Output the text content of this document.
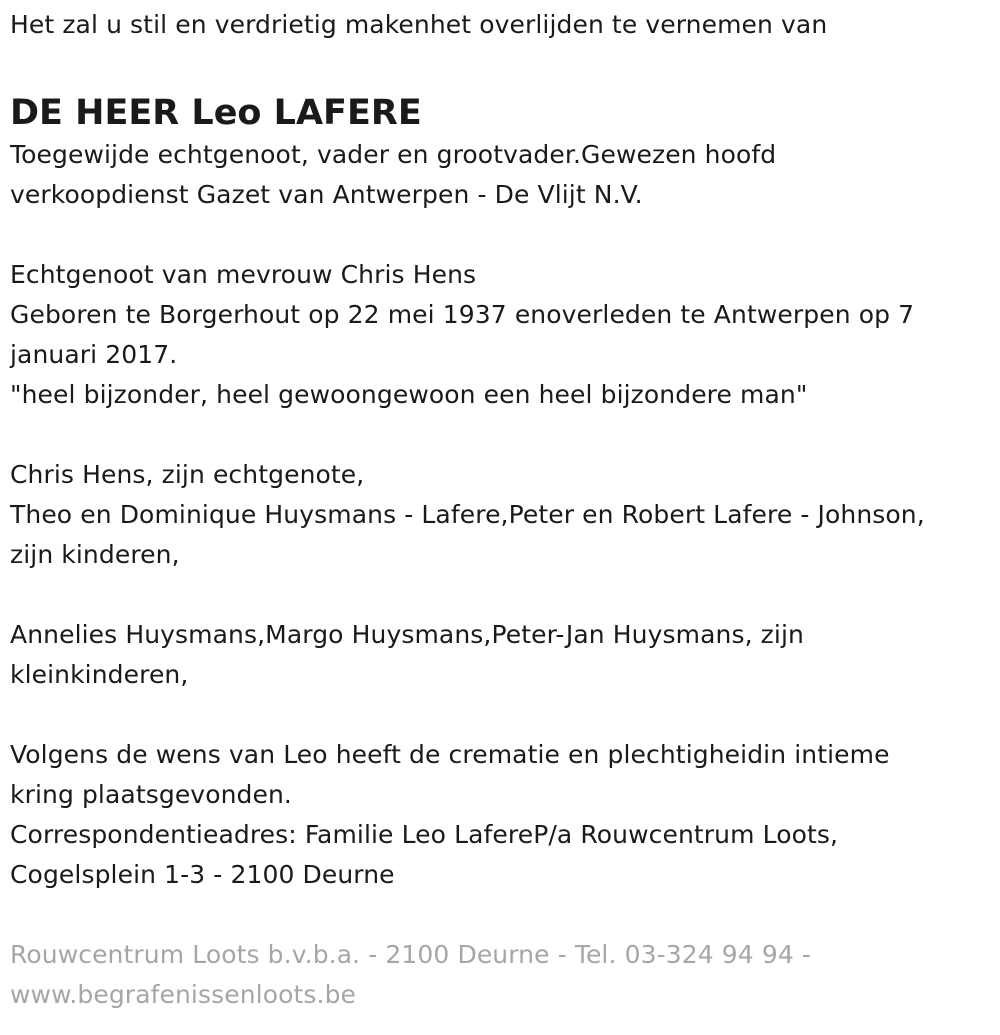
Het zal u stil en verdrietig makenhet overlijden te vernemen van
DE HEER Leo LAFERE
Toegewijde echtgenoot, vader en grootvader.Gewezen hoofd
verkoopdienst Gazet van Antwerpen - De Vlijt N.V.
Echtgenoot van mevrouw Chris Hens
Geboren te Borgerhout op 22 mei 1937 enoverleden te Antwerpen op 7
januari 2017.
"heel bijzonder, heel gewoongewoon een heel bijzondere man"
Chris Hens, zijn echtgenote,
Theo en Dominique Huysmans - Lafere,Peter en Robert Lafere - Johnson,
zijn kinderen,
Annelies Huysmans,Margo Huysmans,Peter-Jan Huysmans, zijn
kleinkinderen,
Volgens de wens van Leo heeft de crematie en plechtigheidin intieme
kring plaatsgevonden.
Correspondentieadres: Familie Leo LafereP/a Rouwcentrum Loots,
Cogelsplein 1-3 - 2100 Deurne
Rouwcentrum Loots b.v.b.a. - 2100 Deurne - Tel. 03-324 94 94 -
www.begrafenissenloots.be
